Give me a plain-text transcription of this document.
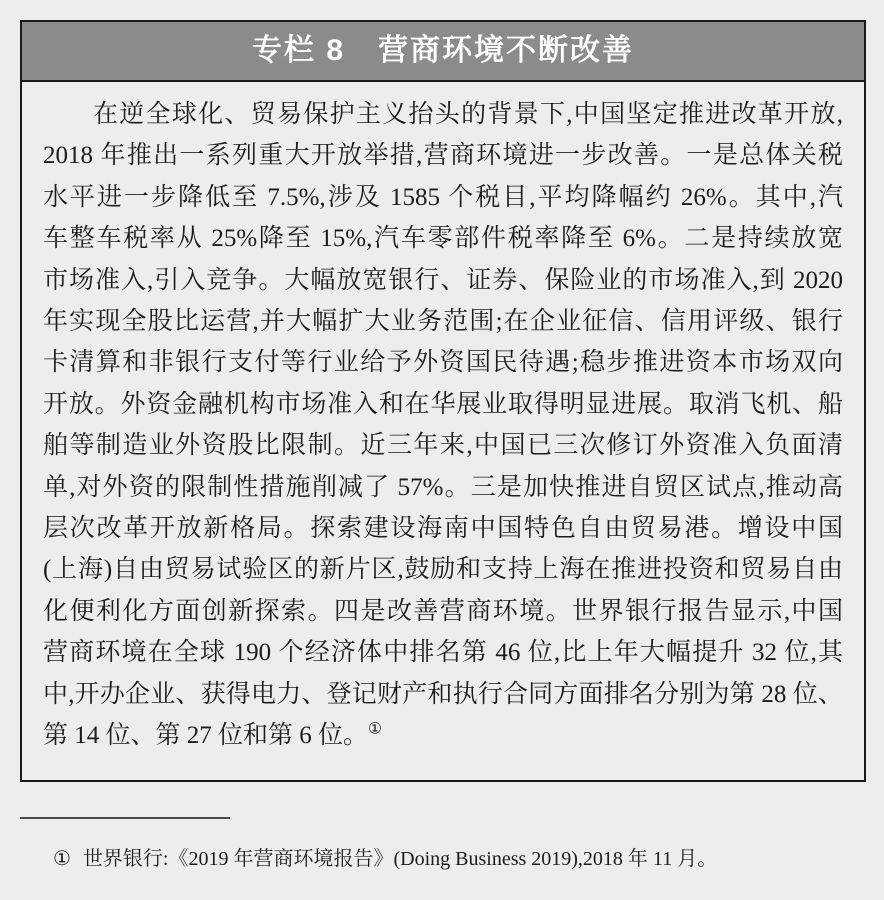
专栏 8 营商环境不断改善
在逆全球化、贸易保护主义抬头的背景下,中国坚定推进改革开放,
2018 年推出一系列重大开放举措,营商环境进一步改善。一是总体关税
水平进一步降低至 7.5%,涉及 1585 个税目,平均降幅约 26%。其中,汽
车整车税率从 25%降至 15%,汽车零部件税率降至 6%。二是持续放宽
市场准入,引入竞争。大幅放宽银行、证券、保险业的市场准入,到 2020
年实现全股比运营,并大幅扩大业务范围;在企业征信、信用评级、银行
卡清算和非银行支付等行业给予外资国民待遇;稳步推进资本市场双向
开放。外资金融机构市场准入和在华展业取得明显进展。取消飞机、船
舶等制造业外资股比限制。近三年来,中国已三次修订外资准入负面清
单,对外资的限制性措施削减了 57%。三是加快推进自贸区试点,推动高
层次改革开放新格局。探索建设海南中国特色自由贸易港。增设中国
(上海)自由贸易试验区的新片区,鼓励和支持上海在推进投资和贸易自由
化便利化方面创新探索。四是改善营商环境。世界银行报告显示,中国
营商环境在全球 190 个经济体中排名第 46 位,比上年大幅提升 32 位,其
中,开办企业、获得电力、登记财产和执行合同方面排名分别为第 28 位、
第 14 位、第 27 位和第 6 位。①
① 世界银行:《2019 年营商环境报告》(Doing Business 2019),2018 年 11 月。
